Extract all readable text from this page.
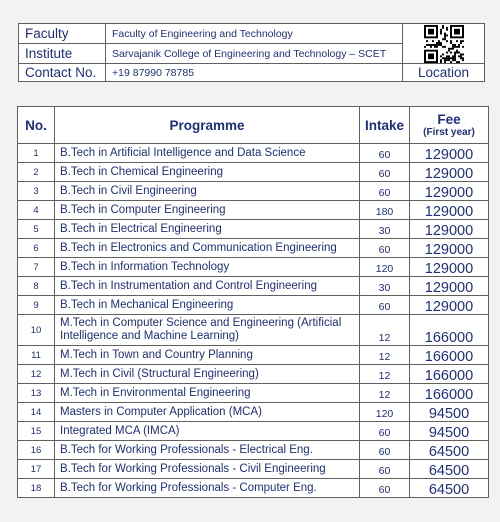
Faculty	Faculty of Engineering and Technology	

Institute	Sarvajanik College of Engineering and Technology – SCET	
Contact No.	+19 87990 78785	Location
No.	Programme	Intake	Fee
(First year)

1	B.Tech in Artificial Intelligence and Data Science	60	129000
2	B.Tech in Chemical Engineering	60	129000
3	B.Tech in Civil Engineering	60	129000
4	B.Tech in Computer Engineering	180	129000
5	B.Tech in Electrical Engineering	30	129000
6	B.Tech in Electronics and Communication Engineering	60	129000
7	B.Tech in Information Technology	120	129000
8	B.Tech in Instrumentation and Control Engineering	30	129000
9	B.Tech in Mechanical Engineering	60	129000
10	M.Tech in Computer Science and Engineering (Artificial Intelligence and Machine Learning)	12	166000
11	M.Tech in Town and Country Planning	12	166000
12	M.Tech in Civil (Structural Engineering)	12	166000
13	M.Tech in Environmental Engineering	12	166000
14	Masters in Computer Application (MCA)	120	94500
15	Integrated MCA (IMCA)	60	94500
16	B.Tech for Working Professionals - Electrical Eng.	60	64500
17	B.Tech for Working Professionals - Civil Engineering	60	64500
18	B.Tech for Working Professionals - Computer Eng.	60	64500
